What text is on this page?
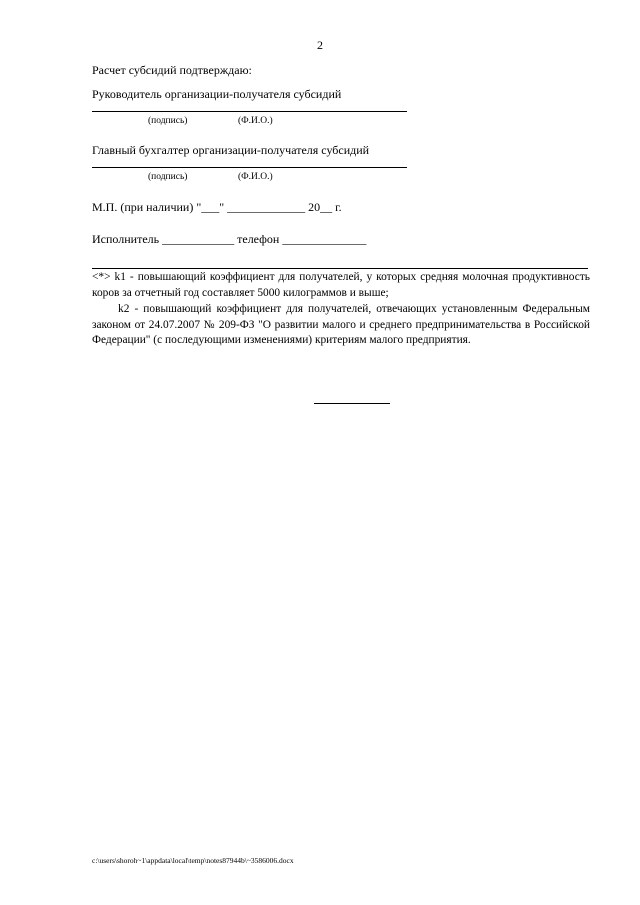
2
Расчет субсидий подтверждаю:
Руководитель организации-получателя субсидий
(подпись)	(Ф.И.О.)
Главный бухгалтер организации-получателя субсидий
(подпись)	(Ф.И.О.)
М.П. (при наличии) "___" _____________ 20__ г.
Исполнитель ____________ телефон ______________
<*> k1 - повышающий коэффициент для получателей, у которых средняя молочная продуктивность коров за отчетный год составляет 5000 килограммов и выше;
k2 - повышающий коэффициент для получателей, отвечающих установленным Федеральным законом от 24.07.2007 № 209-ФЗ "О развитии малого и среднего предпринимательства в Российской Федерации" (с последующими изменениями) критериям малого предприятия.
c:\users\shoroh~1\appdata\local\temp\notes87944b\~3586006.docx
